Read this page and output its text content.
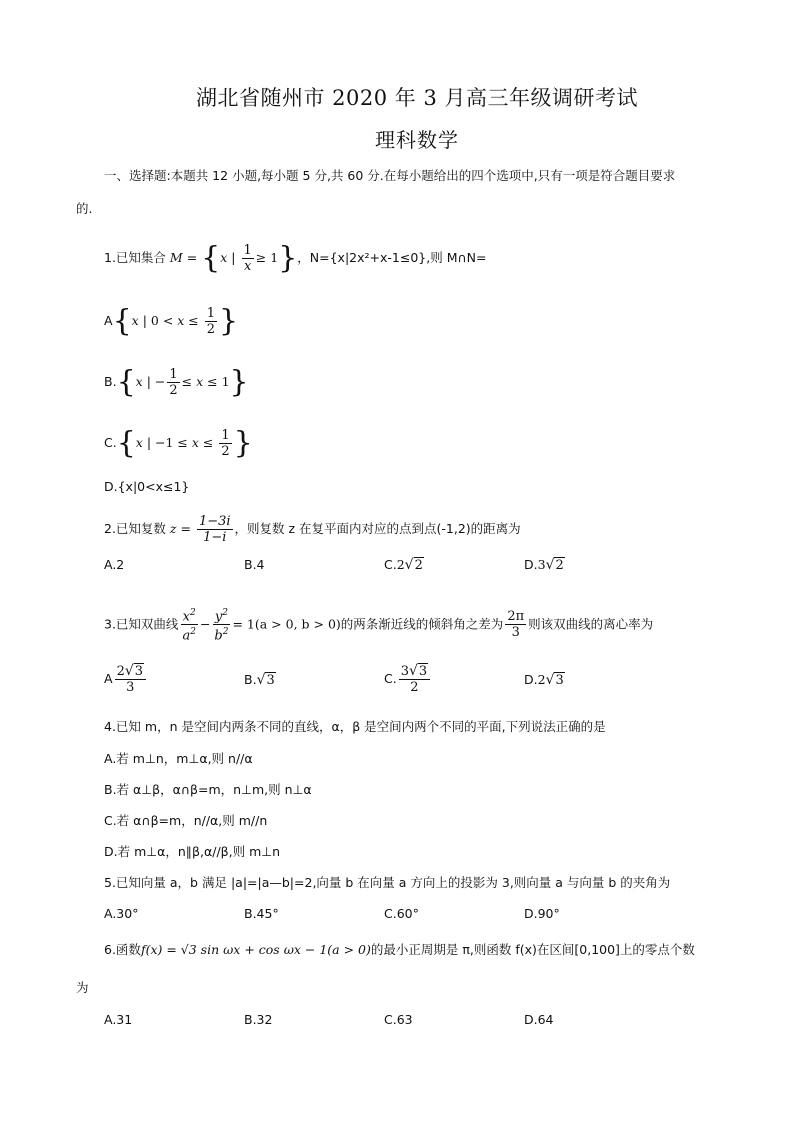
湖北省随州市 2020 年 3 月高三年级调研考试
理科数学
一、选择题:本题共 12 小题,每小题 5 分,共 60 分.在每小题给出的四个选项中,只有一项是符合题目要求
的.
1.已知集合 M = {x | $\frac{1}{x} \ge 1$}，N={x|2x²+x-1≤0},则 M∩N=
A{x | $0 < x \le \frac{1}{2}$ }
B.{x | − $\frac{1}{2} \le x \le 1$}
C.{x | $-1 \le x \le \frac{1}{2}$ }
D.{x|0<x≤1}
2.已知复数 $z = \frac{1-3i}{1-i}$ ，则复数 z 在复平面内对应的点到点(-1,2)的距离为
A.2	B.4	C.2√2	D.3√2
3.已知双曲线 $\frac{x^2}{a^2} - \frac{y^2}{b^2} = 1(a > 0$, b > 0)的两条渐近线的倾斜角之差为 $\frac{2\pi}{3}$ 则该双曲线的离心率为
A $\frac{2√3}{3}$	B.√3	C. $\frac{3√3}{2}$	D.2√3
4.已知 m，n 是空间内两条不同的直线，α，β 是空间内两个不同的平面,下列说法正确的是
A.若 m⊥n，m⊥α,则 n//α
B.若 α⊥β，α∩β=m，n⊥m,则 n⊥α
C.若 α∩β=m，n//α,则 m//n
D.若 m⊥α，n∥β,α//β,则 m⊥n
5.已知向量 a，b 满足 |a|=|a—b|=2,向量 b 在向量 a 方向上的投影为 3,则向量 a 与向量 b 的夹角为
A.30°	B.45°	C.60°	D.90°
6.函数f(x) = √3 sin ωx + cos ωx − 1(a > 0)的最小正周期是 π,则函数 f(x)在区间[0,100]上的零点个数
为
A.31	B.32	C.63	D.64
